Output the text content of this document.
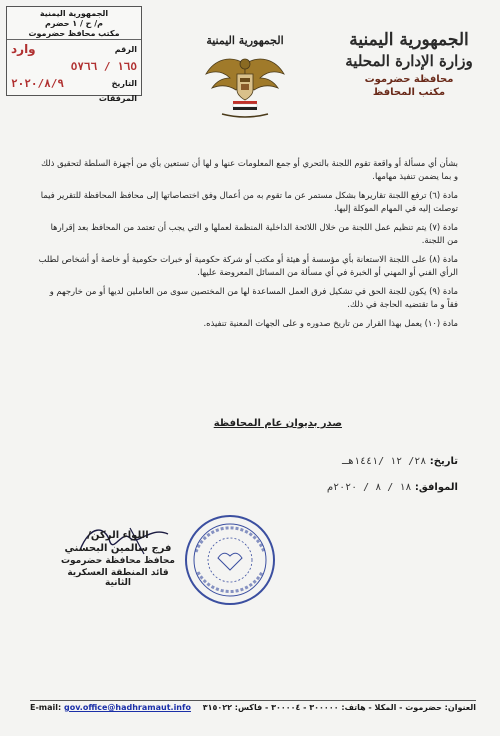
الجمهورية اليمنية
م/ ح / ١ حضرم
مكتب محافظ حضرموت
الرقم
وارد
١٦٥ / ٥٧٦٦
التاريخ
٢٠٢٠/٨/٩
المرفقات
الجمهورية اليمنية	الجمهورية اليمنية
وزارة الإدارة المحلية
محافظة حضرموت
مكتب المحافظ

بشأن أي مسألة أو واقعة تقوم اللجنة بالتحري أو جمع المعلومات عنها و لها أن تستعين بأي من أجهزة السلطة لتحقيق ذلك و بما يضمن تنفيذ مهامها.

مادة (٦) ترفع اللجنة تقاريرها بشكل مستمر عن ما تقوم به من أعمال وفق اختصاصاتها إلى محافظ المحافظة للتقرير فيما توصلت إليه في المهام الموكلة إليها.

مادة (٧) يتم تنظيم عمل اللجنة من خلال اللائحة الداخلية المنظمة لعملها و التي يجب أن تعتمد من المحافظ بعد إقرارها من اللجنة.

مادة (٨) على اللجنة الاستعانة بأي مؤسسة أو هيئة أو مكتب أو شركة حكومية أو خبرات حكومية أو خاصة أو أشخاص لطلب الرأي الفني أو المهني أو الخبرة في أي مسألة من المسائل المعروضة عليها.

مادة (٩) يكون للجنة الحق في تشكيل فرق العمل المساعدة لها من المختصين سوى من العاملين لديها أو من خارجهم و فقاً و ما تقتضيه الحاجة في ذلك.

مادة (١٠) يعمل بهذا القرار من تاريخ صدوره و على الجهات المعنية تنفيذه.

صدر بديوان عام المحافظة
تاريخ: ٢٨/ ١٢ /١٤٤١هـ
الموافق: ١٨ / ٨ / ٢٠٢٠م
اللواء الركن/
فرج سالمين البحسني
محافظ محافظة حضرموت
قائد المنطقة العسكرية الثانية
E-mail: gov.office@hadhramaut.info العنوان: حضرموت - المكلا - هاتف: ٣٠٠٠٠٠ - ٣٠٠٠٠٤ - فاكس: ٣١٥٠٢٢
